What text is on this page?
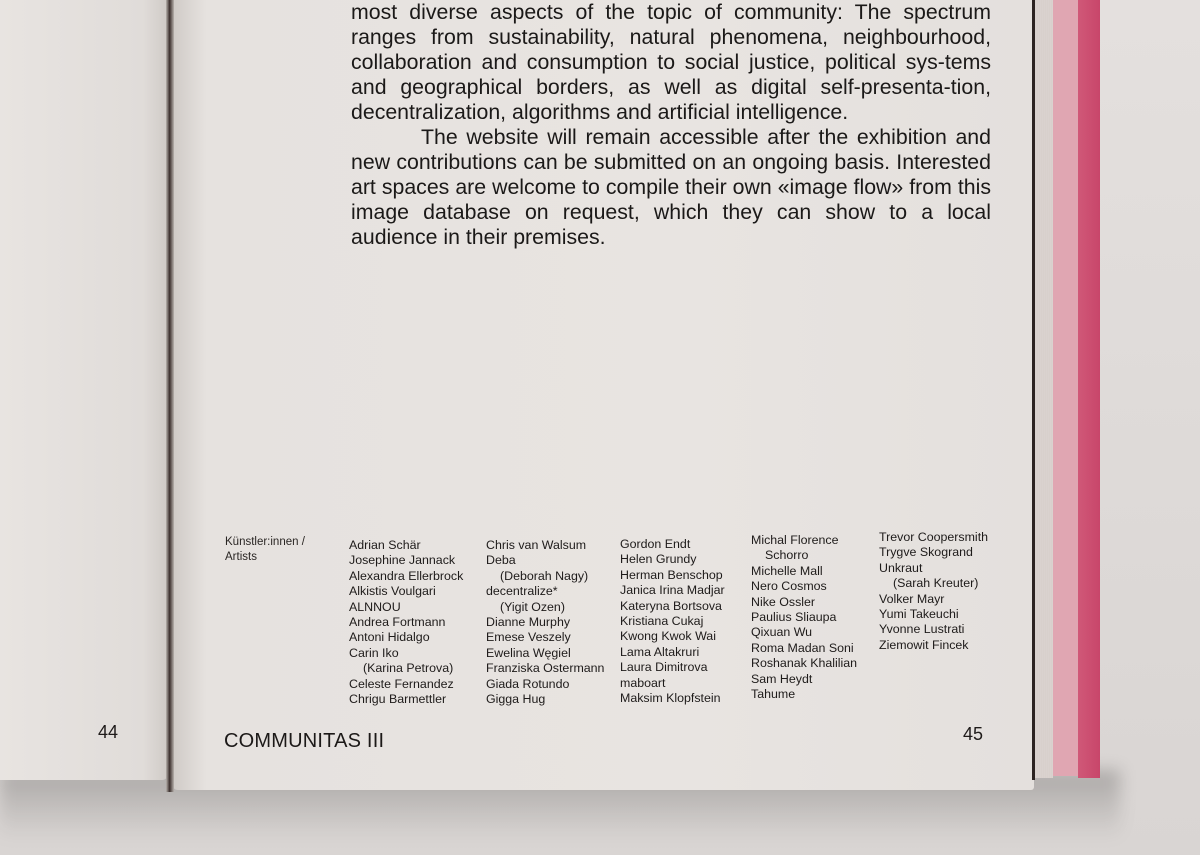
most diverse aspects of the topic of community: The spectrum ranges from sustainability, natural phenomena, neighbourhood, collaboration and consumption to social justice, political sys-tems and geographical borders, as well as digital self-presenta-tion, decentralization, algorithms and artificial intelligence.

The website will remain accessible after the exhibition and new contributions can be submitted on an ongoing basis. Interested art spaces are welcome to compile their own «image flow» from this image database on request, which they can show to a local audience in their premises.

Künstler:innen /
Artists
Adrian Schär
Josephine Jannack
Alexandra Ellerbrock
Alkistis Voulgari
ALNNOU
Andrea Fortmann
Antoni Hidalgo
Carin Iko
(Karina Petrova)
Celeste Fernandez
Chrigu Barmettler
Chris van Walsum
Deba
(Deborah Nagy)
decentralize*
(Yigit Ozen)
Dianne Murphy
Emese Veszely
Ewelina Węgiel
Franziska Ostermann
Giada Rotundo
Gigga Hug
Gordon Endt
Helen Grundy
Herman Benschop
Janica Irina Madjar
Kateryna Bortsova
Kristiana Cukaj
Kwong Kwok Wai
Lama Altakruri
Laura Dimitrova
maboart
Maksim Klopfstein
Michal Florence
Schorro
Michelle Mall
Nero Cosmos
Nike Ossler
Paulius Sliaupa
Qixuan Wu
Roma Madan Soni
Roshanak Khalilian
Sam Heydt
Tahume
Trevor Coopersmith
Trygve Skogrand
Unkraut
(Sarah Kreuter)
Volker Mayr
Yumi Takeuchi
Yvonne Lustrati
Ziemowit Fincek
44	COMMUNITAS III	45
